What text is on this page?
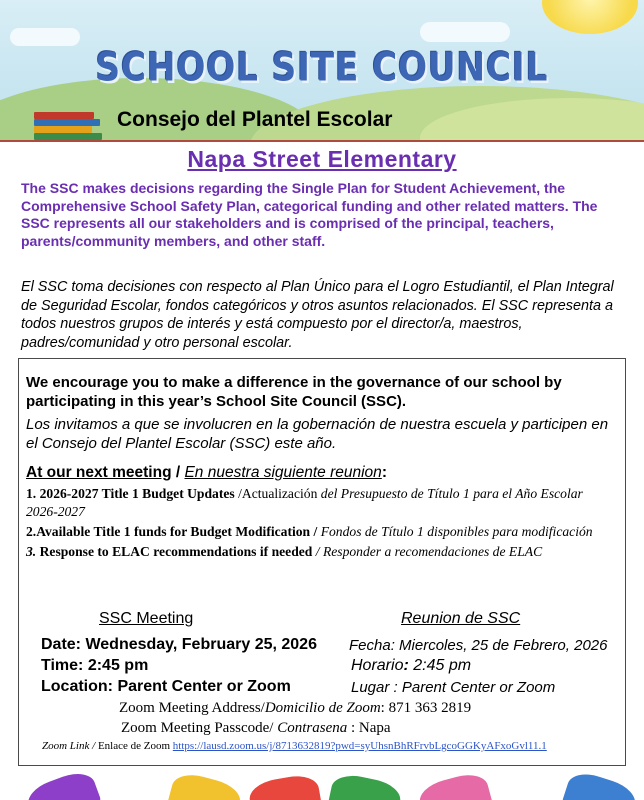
SCHOOL SITE COUNCIL
Consejo del Plantel Escolar
Napa Street Elementary
The SSC makes decisions regarding the Single Plan for Student Achievement, the Comprehensive School Safety Plan, categorical funding and other related matters. The SSC represents all our stakeholders and is comprised of the principal, teachers, parents/community members, and other staff.
El SSC toma decisiones con respecto al Plan Único para el Logro Estudiantil, el Plan Integral de Seguridad Escolar, fondos categóricos y otros asuntos relacionados. El SSC representa a todos nuestros grupos de interés y está compuesto por el director/a, maestros, padres/comunidad y otro personal escolar.
We encourage you to make a difference in the governance of our school by participating in this year’s School Site Council (SSC).
Los invitamos a que se involucren en la gobernación de nuestra escuela y participen en el Consejo del Plantel Escolar (SSC) este año.
At our next meeting / En nuestra siguiente reunion:
1. 2026-2027 Title 1 Budget Updates /Actualización del Presupuesto de Título 1 para el Año Escolar 2026-2027
2.Available Title 1 funds for Budget Modification / Fondos de Título 1 disponibles para modificación
3. Response to ELAC recommendations if needed / Responder a recomendaciones de ELAC
SSC Meeting	Reunion de SSC
Date: Wednesday, February 25, 2026 Fecha: Miercoles, 25 de Febrero, 2026
Time: 2:45 pm	Horario: 2:45 pm
Location: Parent Center or Zoom	Lugar : Parent Center or Zoom
Zoom Meeting Address/Domicilio de Zoom: 871 363 2819
Zoom Meeting Passcode/ Contrasena : Napa
Zoom Link / Enlace de Zoom https://lausd.zoom.us/j/8713632819?pwd=syUhsnBhRFrvbLgcoGGKyAFxoGvl11.1
